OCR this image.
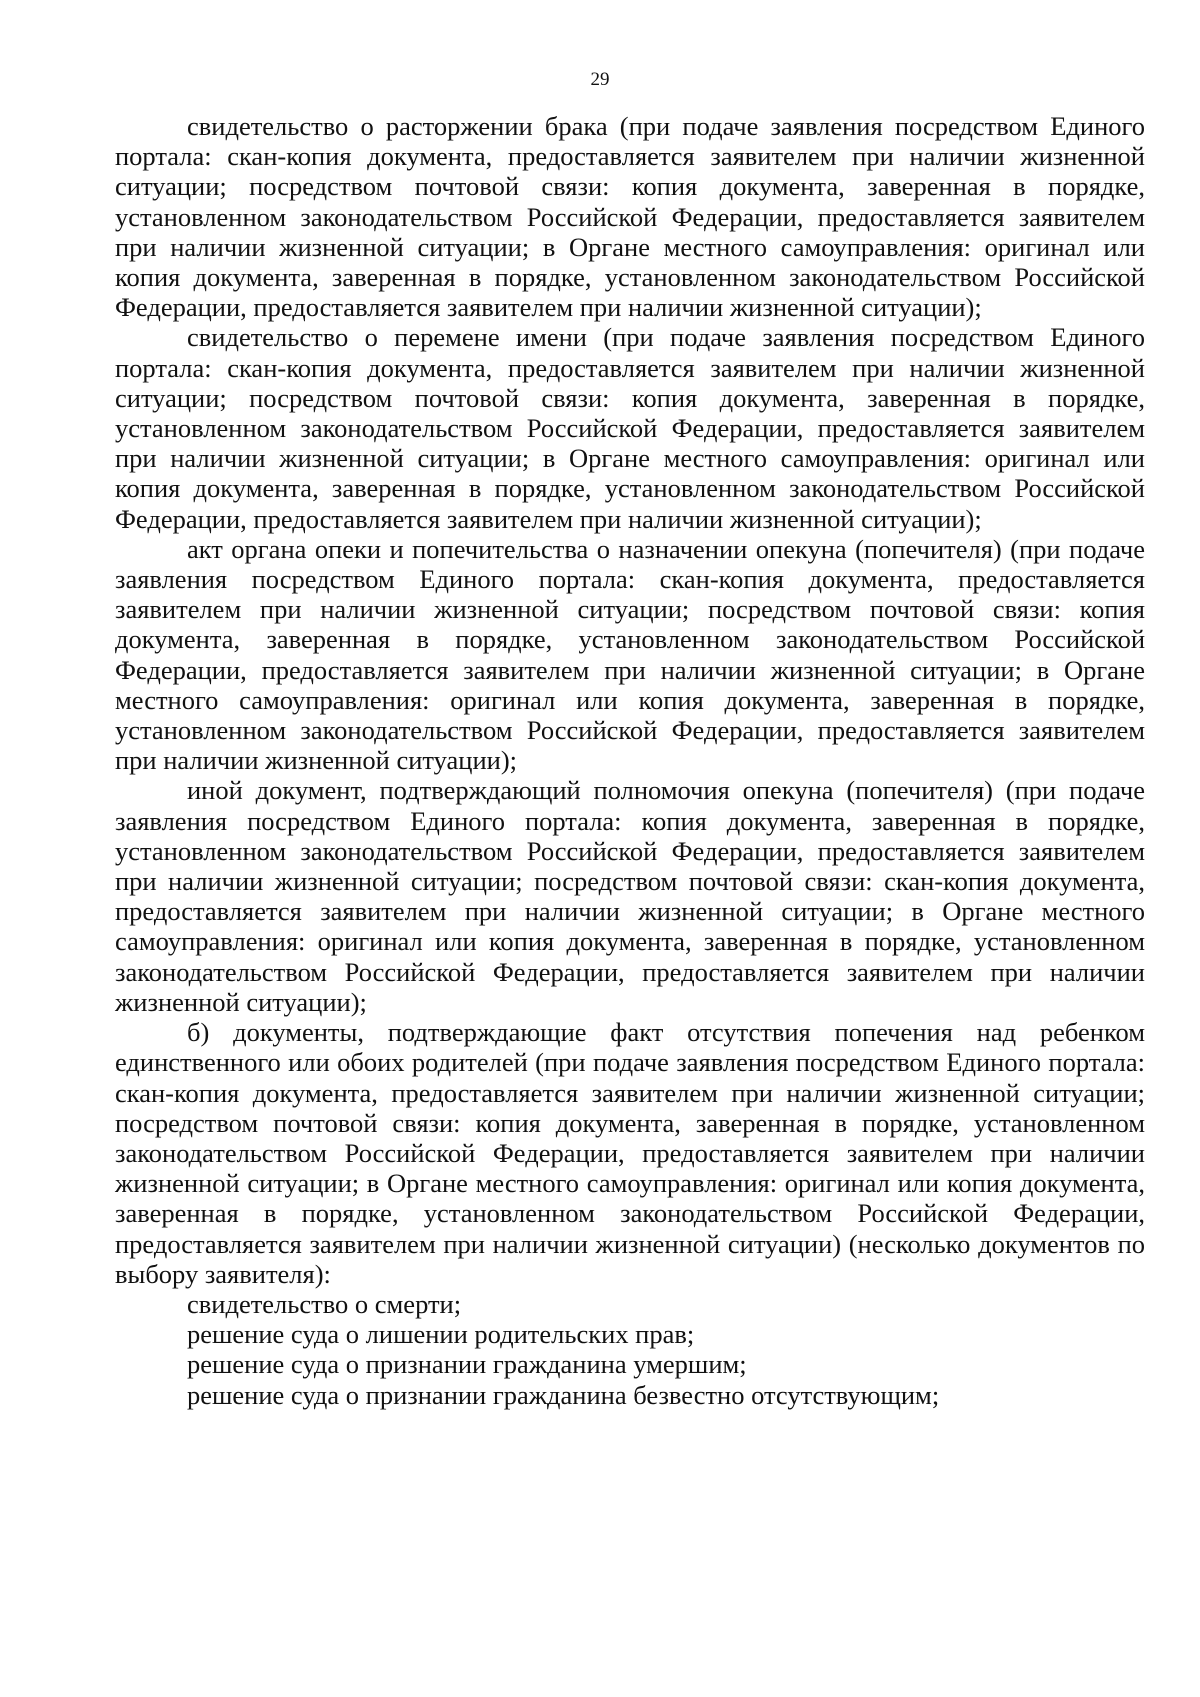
29

свидетельство о расторжении брака (при подаче заявления посредством Единого портала: скан-копия документа, предоставляется заявителем при наличии жизненной ситуации; посредством почтовой связи: копия документа, заверенная в порядке, установленном законодательством Российской Федерации, предоставляется заявителем при наличии жизненной ситуации; в Органе местного самоуправления: оригинал или копия документа, заверенная в порядке, установленном законодательством Российской Федерации, предоставляется заявителем при наличии жизненной ситуации);

свидетельство о перемене имени (при подаче заявления посредством Единого портала: скан-копия документа, предоставляется заявителем при наличии жизненной ситуации; посредством почтовой связи: копия документа, заверенная в порядке, установленном законодательством Российской Федерации, предоставляется заявителем при наличии жизненной ситуации; в Органе местного самоуправления: оригинал или копия документа, заверенная в порядке, установленном законодательством Российской Федерации, предоставляется заявителем при наличии жизненной ситуации);

акт органа опеки и попечительства о назначении опекуна (попечителя) (при подаче заявления посредством Единого портала: скан-копия документа, предоставляется заявителем при наличии жизненной ситуации; посредством почтовой связи: копия документа, заверенная в порядке, установленном законодательством Российской Федерации, предоставляется заявителем при наличии жизненной ситуации; в Органе местного самоуправления: оригинал или копия документа, заверенная в порядке, установленном законодательством Российской Федерации, предоставляется заявителем при наличии жизненной ситуации);

иной документ, подтверждающий полномочия опекуна (попечителя) (при подаче заявления посредством Единого портала: копия документа, заверенная в порядке, установленном законодательством Российской Федерации, предоставляется заявителем при наличии жизненной ситуации; посредством почтовой связи: скан-копия документа, предоставляется заявителем при наличии жизненной ситуации; в Органе местного самоуправления: оригинал или копия документа, заверенная в порядке, установленном законодательством Российской Федерации, предоставляется заявителем при наличии жизненной ситуации);

б) документы, подтверждающие факт отсутствия попечения над ребенком единственного или обоих родителей (при подаче заявления посредством Единого портала: скан-копия документа, предоставляется заявителем при наличии жизненной ситуации; посредством почтовой связи: копия документа, заверенная в порядке, установленном законодательством Российской Федерации, предоставляется заявителем при наличии жизненной ситуации; в Органе местного самоуправления: оригинал или копия документа, заверенная в порядке, установленном законодательством Российской Федерации, предоставляется заявителем при наличии жизненной ситуации) (несколько документов по выбору заявителя):

свидетельство о смерти;

решение суда о лишении родительских прав;

решение суда о признании гражданина умершим;

решение суда о признании гражданина безвестно отсутствующим;
